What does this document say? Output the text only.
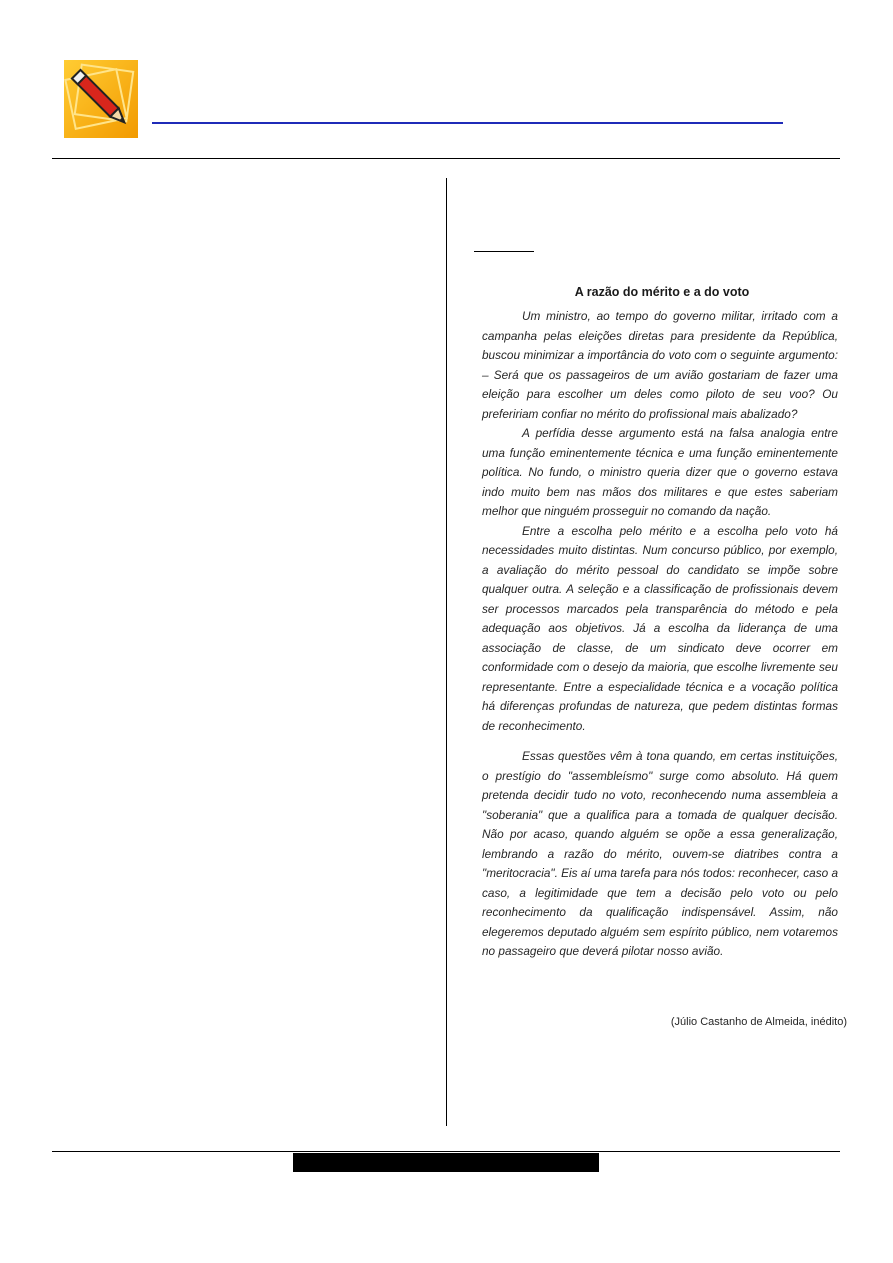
A razão do mérito e a do voto

Um ministro, ao tempo do governo militar, irritado com a campanha pelas eleições diretas para presidente da República, buscou minimizar a importância do voto com o seguinte argumento: – Será que os passageiros de um avião gostariam de fazer uma eleição para escolher um deles como piloto de seu voo? Ou prefeririam confiar no mérito do profissional mais abalizado?

A perfídia desse argumento está na falsa analogia entre uma função eminentemente técnica e uma função eminentemente política. No fundo, o ministro queria dizer que o governo estava indo muito bem nas mãos dos militares e que estes saberiam melhor que ninguém prosseguir no comando da nação.

Entre a escolha pelo mérito e a escolha pelo voto há necessidades muito distintas. Num concurso público, por exemplo, a avaliação do mérito pessoal do candidato se impõe sobre qualquer outra. A seleção e a classificação de profissionais devem ser processos marcados pela transparência do método e pela adequação aos objetivos. Já a escolha da liderança de uma associação de classe, de um sindicato deve ocorrer em conformidade com o desejo da maioria, que escolhe livremente seu representante. Entre a especialidade técnica e a vocação política há diferenças profundas de natureza, que pedem distintas formas de reconhecimento.

Essas questões vêm à tona quando, em certas instituições, o prestígio do "assembleísmo" surge como absoluto. Há quem pretenda decidir tudo no voto, reconhecendo numa assembleia a "soberania" que a qualifica para a tomada de qualquer decisão. Não por acaso, quando alguém se opõe a essa generalização, lembrando a razão do mérito, ouvem-se diatribes contra a "meritocracia". Eis aí uma tarefa para nós todos: reconhecer, caso a caso, a legitimidade que tem a decisão pelo voto ou pelo reconhecimento da qualificação indispensável. Assim, não elegeremos deputado alguém sem espírito público, nem votaremos no passageiro que deverá pilotar nosso avião.

(Júlio Castanho de Almeida, inédito)
